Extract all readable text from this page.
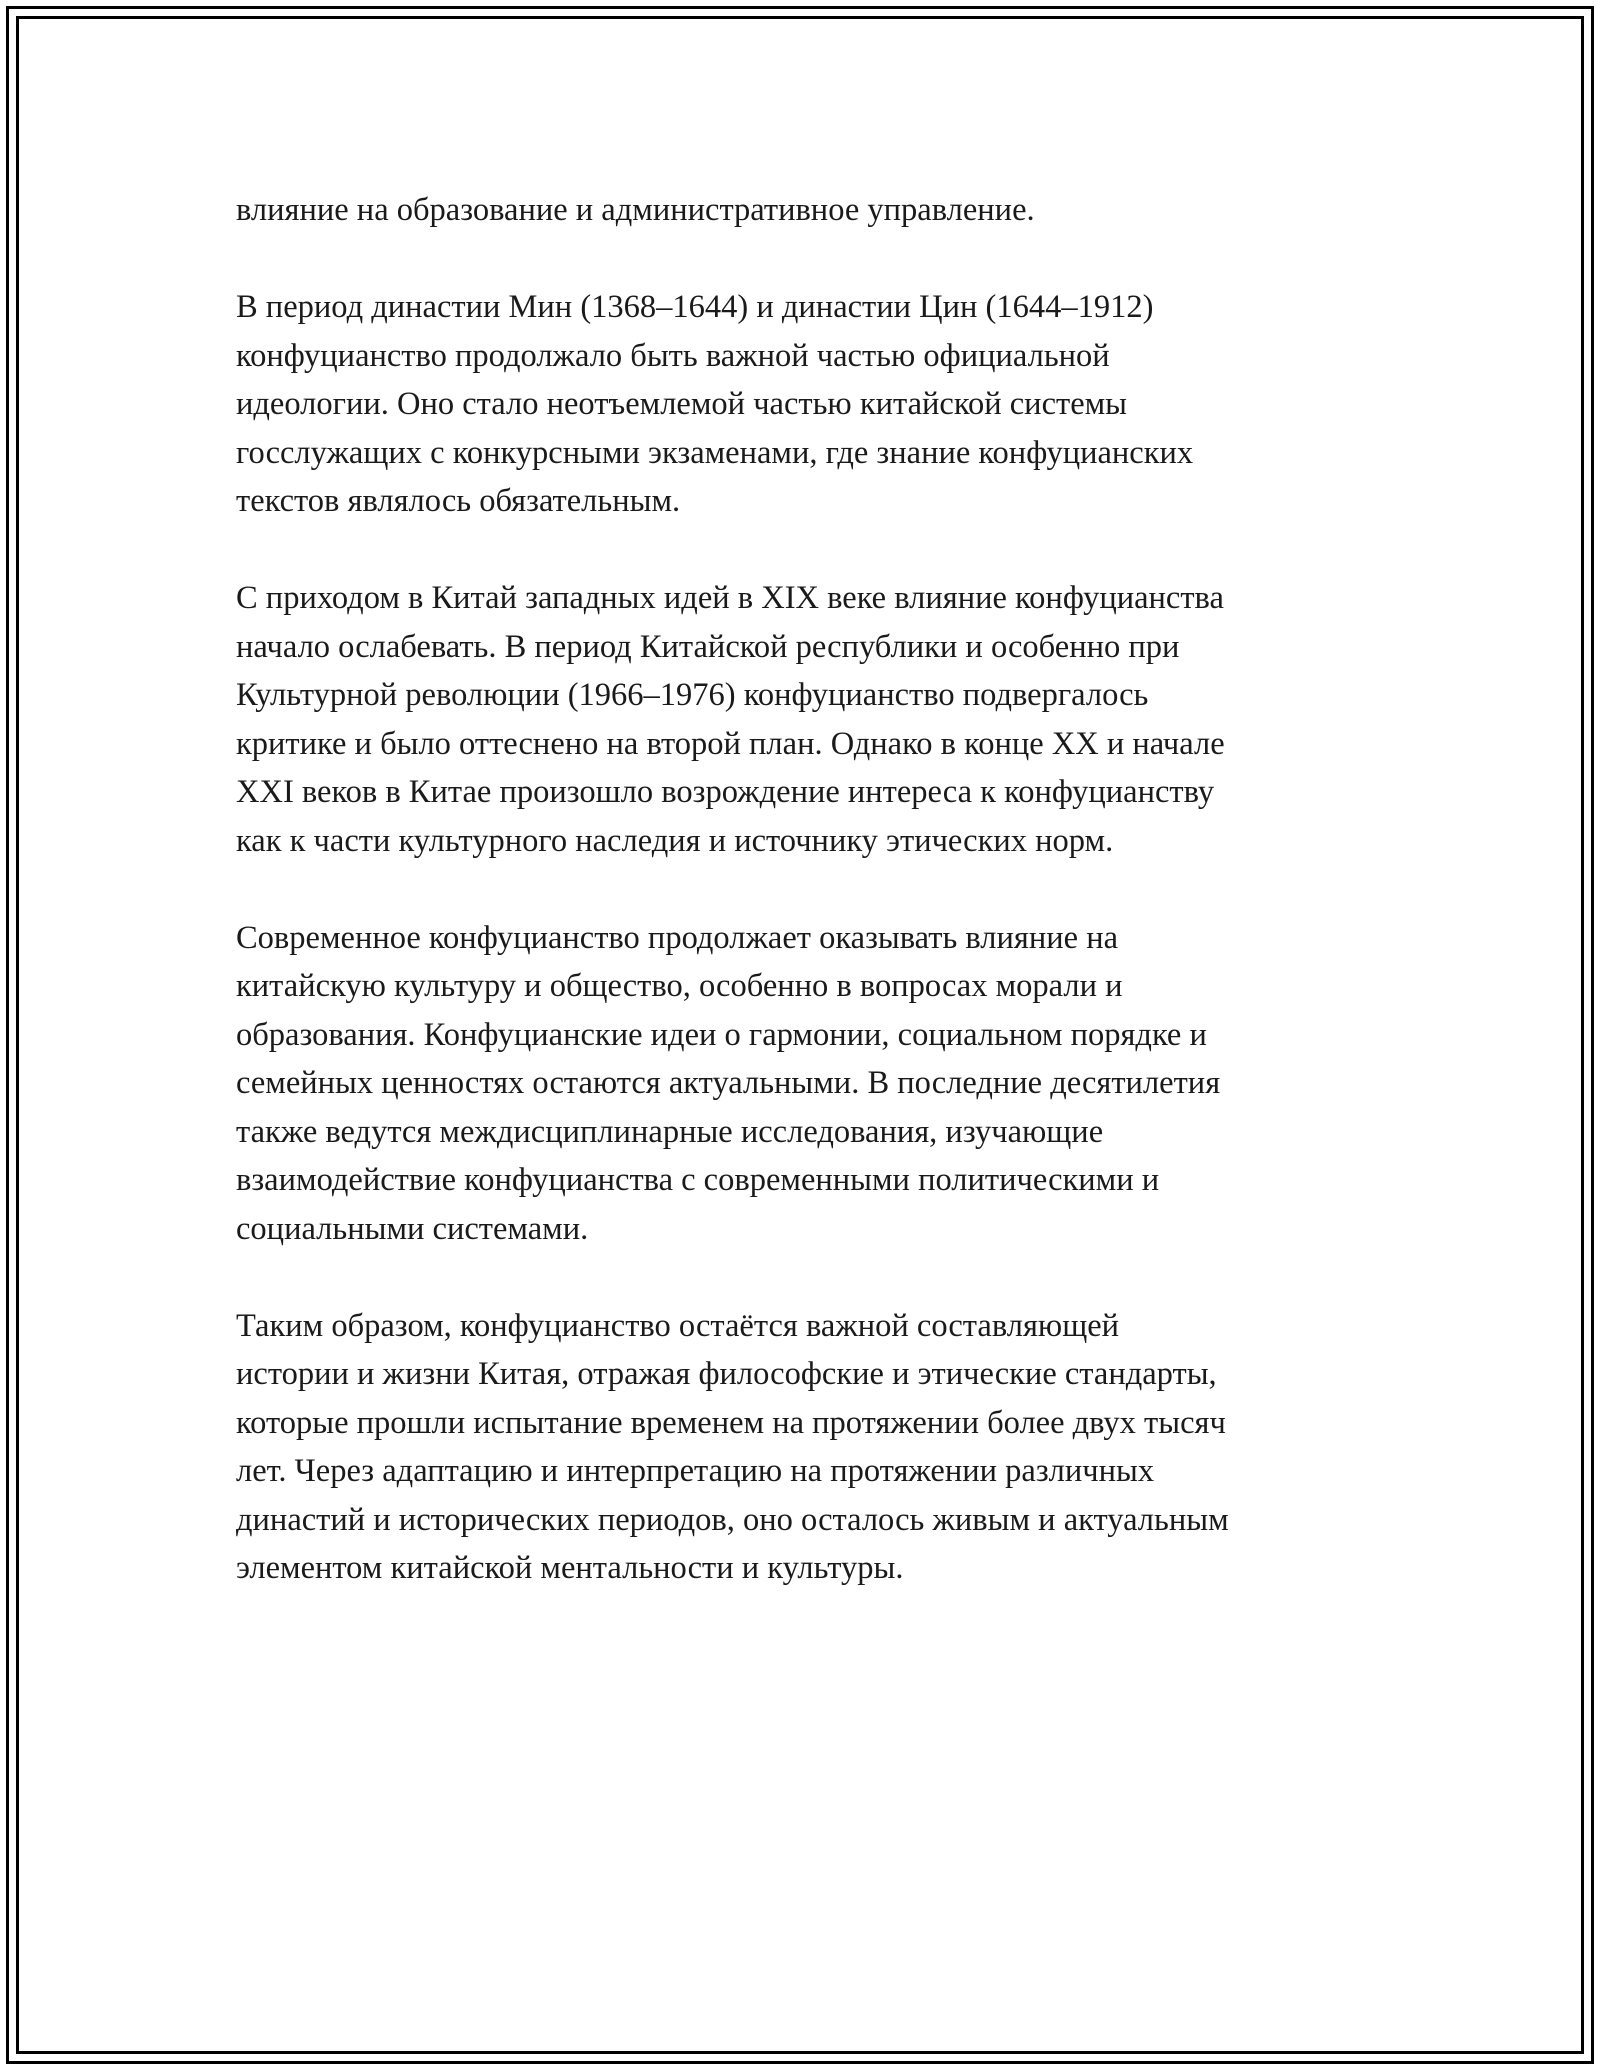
влияние на образование и административное управление.

В период династии Мин (1368–1644) и династии Цин (1644–1912)
конфуцианство продолжало быть важной частью официальной
идеологии. Оно стало неотъемлемой частью китайской системы
госслужащих с конкурсными экзаменами, где знание конфуцианских
текстов являлось обязательным.

С приходом в Китай западных идей в XIX веке влияние конфуцианства
начало ослабевать. В период Китайской республики и особенно при
Культурной революции (1966–1976) конфуцианство подвергалось
критике и было оттеснено на второй план. Однако в конце XX и начале
XXI веков в Китае произошло возрождение интереса к конфуцианству
как к части культурного наследия и источнику этических норм.

Современное конфуцианство продолжает оказывать влияние на
китайскую культуру и общество, особенно в вопросах морали и
образования. Конфуцианские идеи о гармонии, социальном порядке и
семейных ценностях остаются актуальными. В последние десятилетия
также ведутся междисциплинарные исследования, изучающие
взаимодействие конфуцианства с современными политическими и
социальными системами.

Таким образом, конфуцианство остаётся важной составляющей
истории и жизни Китая, отражая философские и этические стандарты,
которые прошли испытание временем на протяжении более двух тысяч
лет. Через адаптацию и интерпретацию на протяжении различных
династий и исторических периодов, оно осталось живым и актуальным
элементом китайской ментальности и культуры.
